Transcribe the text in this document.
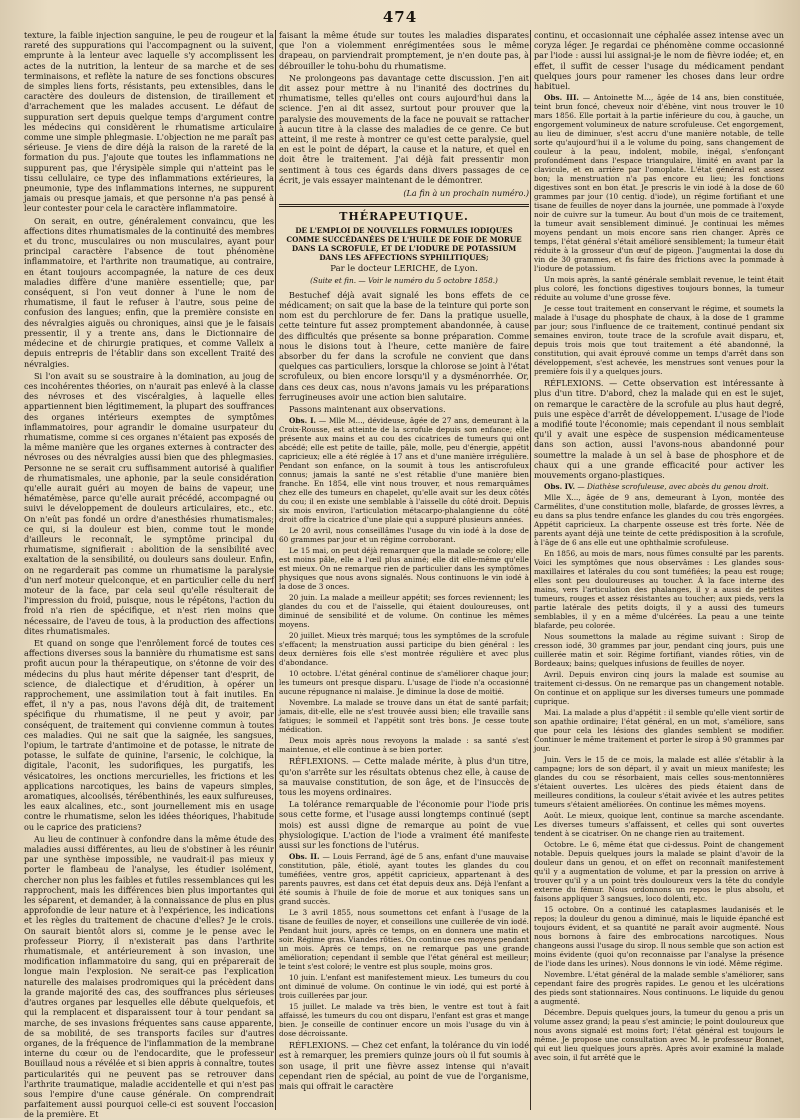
474

texture, la faible injection sanguine, le peu de rougeur et la rareté des suppurations qui l'accompagnent ou la suivent, emprunte à la lenteur avec laquelle s'y accomplissent les actes de la nutrition, la lenteur de sa marche et de ses terminaisons, et reflète la nature de ses fonctions obscures de simples liens forts, résistants, peu extensibles, dans le caractère des douleurs de distension, de tiraillement et d'arrachement que les malades accusent. Le défaut de suppuration sert depuis quelque temps d'argument contre les médecins qui considèrent le rhumatisme articulaire comme une simple phlegmasie. L'objection ne me paraît pas sérieuse. Je viens de dire déjà la raison de la rareté de la formation du pus. J'ajoute que toutes les inflammations ne suppurent pas, que l'érysipèle simple qui n'atteint pas le tissu cellulaire, ce type des inflammations extérieures, la pneumonie, type des inflammations internes, ne suppurent jamais ou presque jamais, et que personne n'a pas pensé à leur contester pour cela le caractère inflammatoire.

On serait, en outre, généralement convaincu, que les affections dites rhumatismales de la continuité des membres et du tronc, musculaires ou non musculaires, ayant pour principal caractère l'absence de tout phénomène inflammatoire, et l'arthrite non traumatique, au contraire, en étant toujours accompagnée, la nature de ces deux maladies diffère d'une manière essentielle; que, par conséquent, si l'on veut donner à l'une le nom de rhumatisme, il faut le refuser à l'autre, sous peine de confusion des langues; enfin, que la première consiste en des névralgies aiguës ou chroniques, ainsi que je le faisais pressentir, il y a trente ans, dans le Dictionnaire de médecine et de chirurgie pratiques, et comme Valleix a depuis entrepris de l'établir dans son excellent Traité des névralgies.

Si l'on avait su se soustraire à la domination, au joug de ces incohérentes théories, on n'aurait pas enlevé à la classe des névroses et des viscéralgies, à laquelle elles appartiennent bien légitimement, la plupart des souffrances des organes intérieurs exemptes de symptômes inflammatoires, pour agrandir le domaine usurpateur du rhumatisme, comme si ces organes n'étaient pas exposés de la même manière que les organes externes à contracter des névroses ou des névralgies aussi bien que des phlegmasies. Personne ne se serait cru suffisamment autorisé à qualifier de rhumatismales, une aphonie, par la seule considération qu'elle aurait guéri au moyen de bains de vapeur, une hématémèse, parce qu'elle aurait précédé, accompagné ou suivi le développement de douleurs articulaires, etc., etc. On n'eût pas fondé un ordre d'anesthésies rhumatismales; ce qui, si la douleur est bien, comme tout le monde d'ailleurs le reconnaît, le symptôme principal du rhumatisme, signifierait : abolition de la sensibilité avec exaltation de la sensibilité, ou douleurs sans douleur. Enfin, on ne regarderait pas comme un rhumatisme la paralysie d'un nerf moteur quelconque, et en particulier celle du nerf moteur de la face, par cela seul qu'elle résulterait de l'impression du froid, puisque, nous le répétons, l'action du froid n'a rien de spécifique, et n'est rien moins que nécessaire, de l'aveu de tous, à la production des affections dites rhumatismales.

Et quand on songe que l'enrôlement forcé de toutes ces affections diverses sous la bannière du rhumatisme est sans profit aucun pour la thérapeutique, on s'étonne de voir des médecins du plus haut mérite dépenser tant d'esprit, de science, de dialectique et d'érudition, à opérer un rapprochement, une assimilation tout à fait inutiles. En effet, il n'y a pas, nous l'avons déjà dit, de traitement spécifique du rhumatisme, il ne peut y avoir, par conséquent, de traitement qui convienne commun à toutes ces maladies. Qui ne sait que la saignée, les sangsues, l'opium, le tartrate d'antimoine et de potasse, le nitrate de potasse, le sulfate de quinine, l'arsenic, le colchique, la digitale, l'aconit, les sudorifiques, les purgatifs, les vésicatoires, les onctions mercurielles, les frictions et les applications narcotiques, les bains de vapeurs simples, aromatiques, alcoolisés, térébenthinés, les eaux sulfureuses, les eaux alcalines, etc., sont journellement mis en usage contre le rhumatisme, selon les idées théoriques, l'habitude ou le caprice des praticiens?

Au lieu de continuer à confondre dans la même étude des maladies aussi différentes, au lieu de s'obstiner à les réunir par une synthèse impossible, ne vaudrait-il pas mieux y porter le flambeau de l'analyse, les étudier isolément, chercher non plus les faibles et futiles ressemblances qui les rapprochent, mais les différences bien plus importantes qui les séparent, et demander, à la connaissance de plus en plus approfondie de leur nature et à l'expérience, les indications et les règles du traitement de chacune d'elles? Je le crois. On saurait bientôt alors si, comme je le pense avec le professeur Piorry, il n'existerait pas dans l'arthrite rhumatismale, et antérieurement à son invasion, une modification inflammatoire du sang, qui en préparerait de longue main l'explosion. Ne serait-ce pas l'explication naturelle des malaises prodromiques qui la précèdent dans la grande majorité des cas, des souffrances plus sérieuses d'autres organes par lesquelles elle débute quelquefois, et qui la remplacent et disparaissent tour à tour pendant sa marche, de ses invasions fréquentes sans cause apparente, de sa mobilité, de ses transports faciles sur d'autres organes, de la fréquence de l'inflammation de la membrane interne du cœur ou de l'endocardite, que le professeur Bouillaud nous a révélée et si bien appris à connaître, toutes particularités qui ne peuvent pas se retrouver dans l'arthrite traumatique, maladie accidentelle et qui n'est pas sous l'empire d'une cause générale. On comprendrait parfaitement aussi pourquoi celle-ci est souvent l'occasion de la première. Et

faisant la même étude sur toutes les maladies disparates que l'on a violemment enrégimentées sous le même drapeau, on parviendrait promptement, je n'en doute pas, à débrouiller le tohu-bohu du rhumatisme.

Ne prolongeons pas davantage cette discussion. J'en ait dit assez pour mettre à nu l'inanité des doctrines du rhumatisme, telles qu'elles ont cours aujourd'hui dans la science. J'en ai dit assez, surtout pour prouver que la paralysie des mouvements de la face ne pouvait se rattacher à aucun titre à la classe des maladies de ce genre. Ce but atteint, il me reste à montrer ce qu'est cette paralysie, quel en est le point de départ, la cause et la nature, et quel en doit être le traitement. J'ai déjà fait pressentir mon sentiment à tous ces égards dans divers passages de ce écrit, je vais essayer maintenant de le démontrer.

(La fin à un prochain numéro.)

THÉRAPEUTIQUE.
DE L'EMPLOI DE NOUVELLES FORMULES IODIQUES COMME SUCCÉDANÉES DE L'HUILE DE FOIE DE MORUE DANS LA SCROFULE, ET DE L'IODURE DE POTASSIUM DANS LES AFFECTIONS SYPHILITIQUES;
Par le docteur LERICHE, de Lyon.
(Suite et fin. — Voir le numéro du 5 octobre 1858.)

Bestuchef déjà avait signalé les bons effets de ce médicament; on sait que la base de la teinture qui porte son nom est du perchlorure de fer. Dans la pratique usuelle, cette teinture fut assez promptement abandonnée, à cause des difficultés que présente sa bonne préparation. Comme nous le disions tout à l'heure, cette manière de faire absorber du fer dans la scrofule ne convient que dans quelques cas particuliers, lorsque la chlorose se joint à l'état scrofuleux, ou bien encore lorsqu'il y a dysménorrhée. Or, dans ces deux cas, nous n'avons jamais vu les préparations ferrugineuses avoir une action bien salutaire.

Passons maintenant aux observations.

Obs. I. — Mlle M..., dévideuse, âgée de 27 ans, demeurant à la Croix-Rousse, est atteinte de la scrofule depuis son enfance; elle présente aux mains et au cou des cicatrices de tumeurs qui ont abcédé; elle est petite de taille, pâle, molle, peu d'énergie, appétit capricieux; elle a été réglée à 17 ans et d'une manière irrégulière. Pendant son enfance, on la soumit à tous les antiscrofuleux connus; jamais la santé ne s'est rétablie d'une manière bien franche. En 1854, elle vint nous trouver, et nous remarquâmes chez elle des tumeurs en chapelet, qu'elle avait sur les deux côtés du cou; il en existe une semblable à l'aisselle du côté droit. Depuis six mois environ, l'articulation métacarpo-phalangienne du côté droit offre la cicatrice d'une plaie qui a suppuré plusieurs années.

Le 20 avril, nous conseillâmes l'usage du vin iodé à la dose de 60 grammes par jour et un régime corroborant.

Le 15 mai, on peut déjà remarquer que la malade se colore; elle est moins pâle, elle a l'œil plus animé; elle dit elle-même qu'elle est mieux. On ne remarque rien de particulier dans les symptômes physiques que nous avons signalés. Nous continuons le vin iodé à la dose de 3 onces.

20 juin. La malade a meilleur appétit; ses forces reviennent; les glandes du cou et de l'aisselle, qui étaient douloureuses, ont diminué de sensibilité et de volume. On continue les mêmes moyens.

20 juillet. Mieux très marqué; tous les symptômes de la scrofule s'effacent; la menstruation aussi participe du bien général : les deux dernières fois elle s'est montrée régulière et avec plus d'abondance.

10 octobre. L'état général continue de s'améliorer chaque jour; les tumeurs ont presque disparu. L'usage de l'iode n'a occasionné aucune répugnance ni malaise. Je diminue la dose de moitié.

Novembre. La malade se trouve dans un état de santé parfait; jamais, dit-elle, elle ne s'est trouvée aussi bien; elle travaille sans fatigues; le sommeil et l'appétit sont très bons. Je cesse toute médication.

Deux mois après nous revoyons la malade : sa santé s'est maintenue, et elle continue à se bien porter.

RÉFLEXIONS. — Cette malade mérite, à plus d'un titre, qu'on s'arrête sur les résultats obtenus chez elle, à cause de sa mauvaise constitution, de son âge, et de l'insuccès de tous les moyens ordinaires.

La tolérance remarquable de l'économie pour l'iode pris sous cette forme, et l'usage aussi longtemps continué (sept mois) est aussi digne de remarque au point de vue physiologique. L'action de l'iode a vraiment été manifeste aussi sur les fonctions de l'utérus.

Obs. II. — Louis Ferrand, âgé de 5 ans, enfant d'une mauvaise constitution, pâle, étiolé, ayant toutes les glandes du cou tuméfiées, ventre gros, appétit capricieux, appartenant à des parents pauvres, est dans cet état depuis deux ans. Déjà l'enfant a été soumis à l'huile de foie de morue et aux toniques sans un grand succès.

Le 3 avril 1855, nous soumettons cet enfant à l'usage de la tisane de feuilles de noyer, et conseillons une cuillerée de vin iodé. Pendant huit jours, après ce temps, on en donnera une matin et soir. Régime gras. Viandes rôties. On continue ces moyens pendant un mois. Après ce temps, on ne remarque pas une grande amélioration; cependant il semble que l'état général est meilleur; le teint s'est coloré; le ventre est plus souple, moins gros.

10 juin. L'enfant est manifestement mieux. Les tumeurs du cou ont diminué de volume. On continue le vin iodé, qui est porté à trois cuillerées par jour.

15 juillet. Le malade va très bien, le ventre est tout à fait affaissé, les tumeurs du cou ont disparu, l'enfant est gras et mange bien. Je conseille de continuer encore un mois l'usage du vin à dose décroissante.

RÉFLEXIONS. — Chez cet enfant, la tolérance du vin iodé est à remarquer, les premiers quinze jours où il fut soumis à son usage, il prit une fièvre assez intense qui n'avait cependant rien de spécial, au point de vue de l'organisme, mais qui offrait le caractère

continu, et occasionnait une céphalée assez intense avec un coryza léger. Je regardai ce phénomène comme occasionné par l'iode : aussi lui assignai-je le nom de fièvre iodée; et, en effet, il suffit de cesser l'usage du médicament pendant quelques jours pour ramener les choses dans leur ordre habituel.

Obs. III. — Antoinette M..., âgée de 14 ans, bien constituée, teint brun foncé, cheveux noir d'ébène, vint nous trouver le 10 mars 1856. Elle portait à la partie inférieure du cou, à gauche, un engorgement volumineux de nature scrofuleuse. Cet engorgement, au lieu de diminuer, s'est accru d'une manière notable, de telle sorte qu'aujourd'hui il a le volume du poing, sans changement de couleur à la peau, indolent, mobile, inégal, s'enfonçant profondément dans l'espace triangulaire, limité en avant par la clavicule, et en arrière par l'omoplate. L'état général est assez bon; la menstruation n'a pas encore eu lieu; les fonctions digestives sont en bon état. Je prescris le vin iodé à la dose de 60 grammes par jour (10 centig. d'iode), un régime fortifiant et une tisane de feuilles de noyer dans la journée, une pommade à l'oxyde noir de cuivre sur la tumeur. Au bout d'un mois de ce traitement, la tumeur avait sensiblement diminué. Je continuai les mêmes moyens pendant un mois encore sans rien changer. Après ce temps, l'état général s'était amélioré sensiblement; la tumeur était réduite à la grosseur d'un œuf de pigeon. J'augmentai la dose du vin de 30 grammes, et fis faire des frictions avec la pommade à l'iodure de potassium.

Un mois après, la santé générale semblait revenue, le teint était plus coloré, les fonctions digestives toujours bonnes, la tumeur réduite au volume d'une grosse fève.

Je cesse tout traitement en conservant le régime, et soumets la malade à l'usage du phosphate de chaux, à la dose de 1 gramme par jour; sous l'influence de ce traitement, continué pendant six semaines environ, toute trace de la scrofule avait disparu, et, depuis trois mois que tout traitement a été abandonné, la constitution, qui avait éprouvé comme un temps d'arrêt dans son développement, s'est achevée, les menstrues sont venues pour la première fois il y a quelques jours.

RÉFLEXIONS. — Cette observation est intéressante à plus d'un titre. D'abord, chez la malade qui en est le sujet, on remarque le caractère de la scrofule au plus haut degré, puis une espèce d'arrêt de développement. L'usage de l'iode a modifié toute l'économie; mais cependant il nous semblait qu'il y avait une espèce de suspension médicamenteuse dans son action, aussi l'avons-nous abandonné pour soumettre la malade à un sel à base de phosphore et de chaux qui a une grande efficacité pour activer les mouvements organo-plastiques.

Obs. IV. — Diathèse scrofuleuse, avec abcès du genou droit.

Mlle X..., âgée de 9 ans, demeurant à Lyon, montée des Carmélites, d'une constitution molle, blafarde, de grosses lèvres, a eu dans sa plus tendre enfance les glandes du cou très engorgées. Appétit capricieux. La charpente osseuse est très forte. Née de parents ayant déjà une teinte de cette prédisposition à la scrofule, à l'âge de 6 ans elle eut une ophthalmie scrofuleuse.

En 1856, au mois de mars, nous fûmes consulté par les parents. Voici les symptômes que nous observâmes : Les glandes sous-maxillaires et latérales du cou sont tuméfiées; la peau est rouge; elles sont peu douloureuses au toucher. À la face interne des mains, vers l'articulation des phalanges, il y a aussi de petites tumeurs, rouges et assez résistantes au toucher; aux pieds, vers la partie latérale des petits doigts, il y a aussi des tumeurs semblables, il y en a même d'ulcérées. La peau a une teinte blafarde, peu colorée.

Nous soumettons la malade au régime suivant : Sirop de cresson iodé, 30 grammes par jour, pendant cinq jours, puis une cuillerée matin et soir. Régime fortifiant, viandes rôties, vin de Bordeaux; bains; quelques infusions de feuilles de noyer.

Avril. Depuis environ cinq jours la malade est soumise au traitement ci-dessus. On ne remarque pas un changement notable. On continue et on applique sur les diverses tumeurs une pommade cuprique.

Mai. La malade a plus d'appétit : il semble qu'elle vient sortir de son apathie ordinaire; l'état général, en un mot, s'améliore, sans que pour cela les lésions des glandes semblent se modifier. Continuer le même traitement et porter le sirop à 90 grammes par jour.

Juin. Vers le 15 de ce mois, la malade est allée s'établir à la campagne; lors de son départ, il y avait un mieux manifeste; les glandes du cou se résorbaient, mais celles sous-mentonnières s'étaient ouvertes. Les ulcères des pieds étaient dans de meilleures conditions, la couleur s'était avivée et les autres petites tumeurs s'étaient améliorées. On continue les mêmes moyens.

Août. Le mieux, quoique lent, continue sa marche ascendante. Les diverses tumeurs s'affaissent, et celles qui sont ouvertes tendent à se cicatriser. On ne change rien au traitement.

Octobre. Le 6, même état que ci-dessus. Point de changement notable. Depuis quelques jours la malade se plaint d'avoir de la douleur dans un genou, et on effet on reconnaît manifestement qu'il y a augmentation de volume, et par la pression on arrive à trouver qu'il y a un point très douloureux vers la tête du condyle externe du fémur. Nous ordonnons un repos le plus absolu, et faisons appliquer 3 sangsues, loco dolenti, etc.

15 octobre. On a continué les cataplasmes laudanisés et le repos; la douleur du genou a diminué, mais le liquide épanché est toujours évident, et sa quantité ne paraît avoir augmenté. Nous nous bornons à faire des embrocations narcotiques. Nous changeons aussi l'usage du sirop. Il nous semble que son action est moins évidente (quoi qu'on reconnaisse par l'analyse la présence de l'iode dans les urines). Nous donnons le vin iodé. Même régime.

Novembre. L'état général de la malade semble s'améliorer, sans cependant faire des progrès rapides. Le genou et les ulcérations des pieds sont stationnaires. Nous continuons. Le liquide du genou a augmenté.

Décembre. Depuis quelques jours, la tumeur du genou a pris un volume assez grand; la peau s'est amincie; le point douloureux que nous avons signalé est moins fort; l'état général est toujours le même. Je propose une consultation avec M. le professeur Bonnet, qui eut lieu quelques jours après. Après avoir examiné la malade avec soin, il fut arrêté que le
